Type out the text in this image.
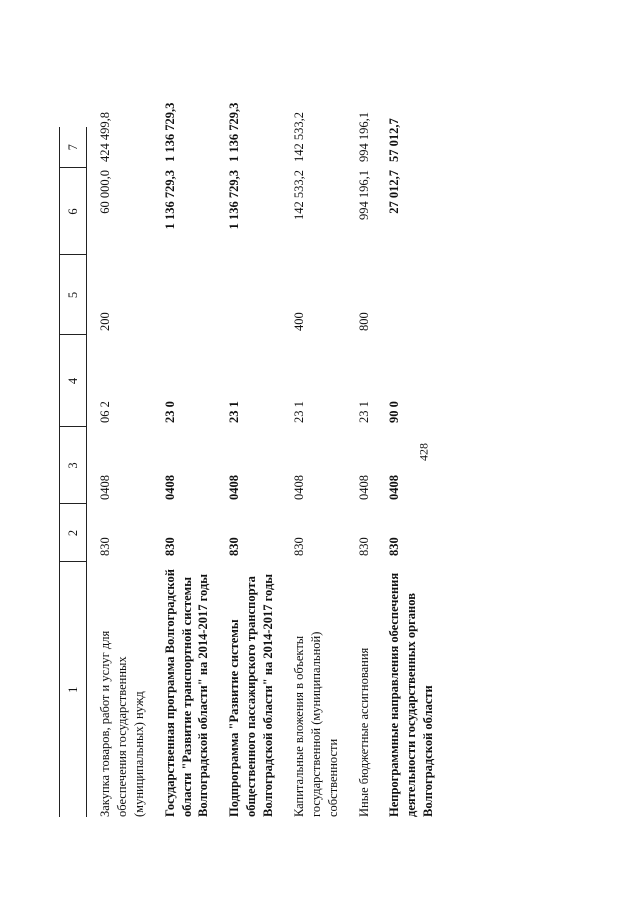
428
1	2	3	4	5	6	7
Закупка товаров, работ и услуг для обеспечения государственных (муниципальных) нужд	830	0408	06 2	200	60 000,0	424 499,8
Государственная программа Волгоградской области "Развитие транспортной системы Волгоградской области" на 2014-2017 годы	830	0408	23 0		1 136 729,3	1 136 729,3
Подпрограмма "Развитие системы общественного пассажирского транспорта Волгоградской области" на 2014-2017 годы	830	0408	23 1		1 136 729,3	1 136 729,3
Капитальные вложения в объекты государственной (муниципальной) собственности	830	0408	23 1	400	142 533,2	142 533,2
Иные бюджетные ассигнования	830	0408	23 1	800	994 196,1	994 196,1
Непрограммные направления обеспечения деятельности государственных органов Волгоградской области	830	0408	90 0		27 012,7	57 012,7
